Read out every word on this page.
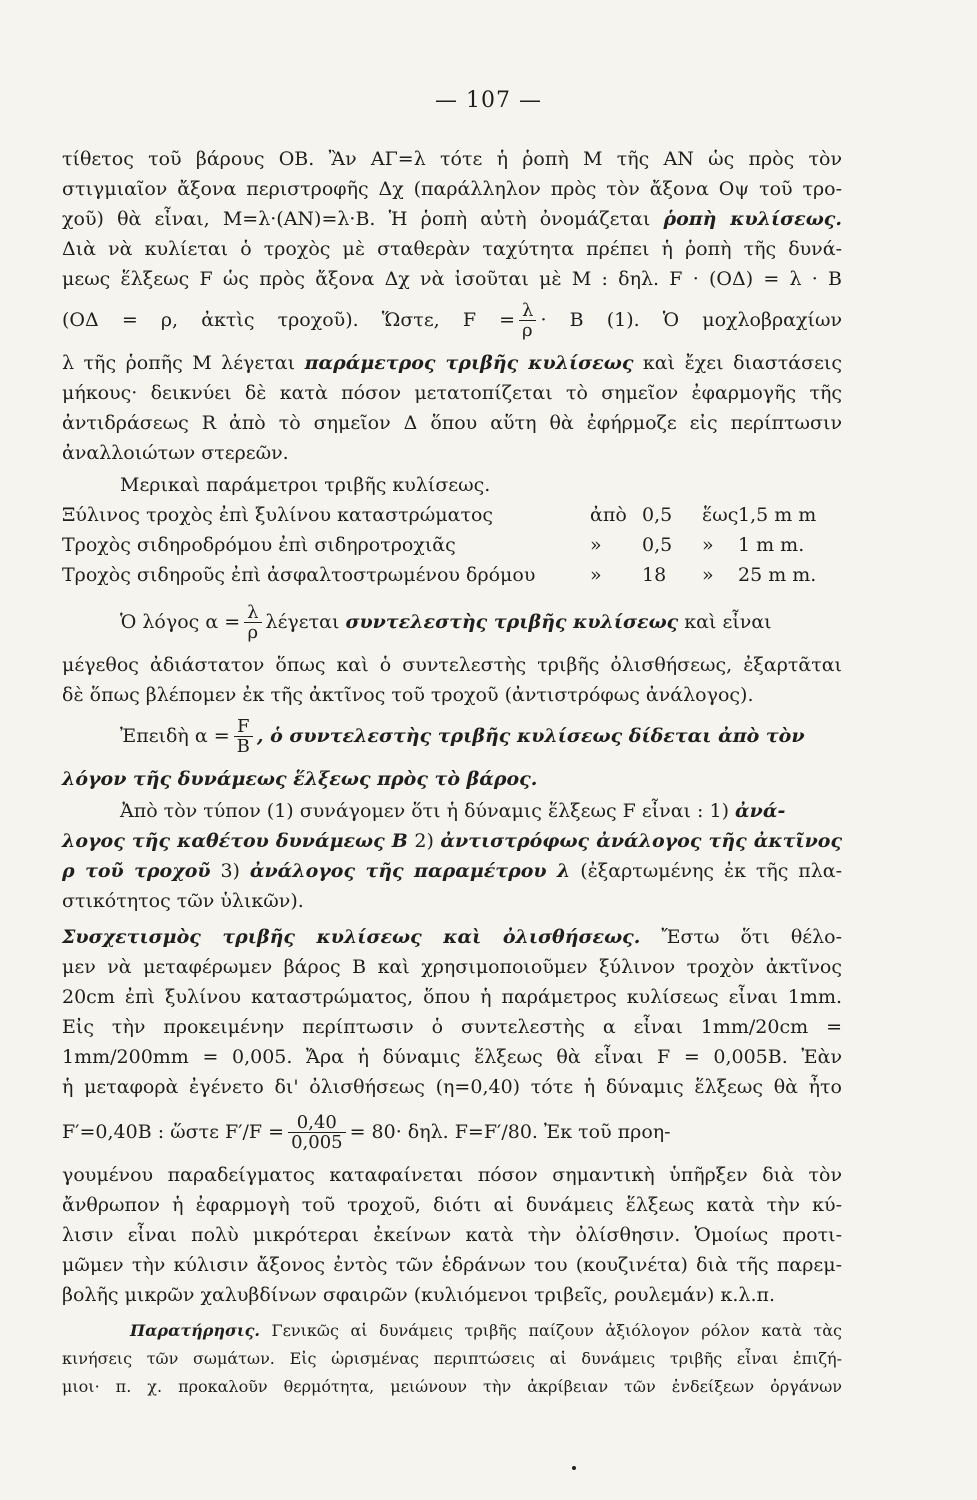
— 107 —
τίθετος τοῦ βάρους ΟΒ. Ἂν ΑΓ=λ τότε ἡ ῥοπὴ Μ τῆς ΑΝ ὡς πρὸς τὸν
στιγμιαῖον ἄξονα περιστροφῆς Δχ (παράλληλον πρὸς τὸν ἄξονα Οψ τοῦ τρο-
χοῦ) θὰ εἶναι, Μ=λ·(ΑΝ)=λ·Β. Ἡ ῥοπὴ αὐτὴ ὀνομάζεται ῥοπὴ κυλίσεως.
Διὰ νὰ κυλίεται ὁ τροχὸς μὲ σταθερὰν ταχύτητα πρέπει ἡ ῥοπὴ τῆς δυνά-
μεως ἕλξεως F ὡς πρὸς ἄξονα Δχ νὰ ἰσοῦται μὲ Μ : δηλ. F · (ΟΔ) = λ · Β
(ΟΔ = ρ, ἀκτὶς τροχοῦ). Ὥστε, $F = \frac{\lambda}{\rho} \cdot B$ (1). Ὁ μοχλοβραχίων
λ τῆς ῥοπῆς Μ λέγεται παράμετρος τριβῆς κυλίσεως καὶ ἔχει διαστάσεις
μήκους· δεικνύει δὲ κατὰ πόσον μετατοπίζεται τὸ σημεῖον ἐφαρμογῆς τῆς
ἀντιδράσεως R ἀπὸ τὸ σημεῖον Δ ὅπου αὕτη θὰ ἐφήρμοζε εἰς περίπτωσιν
ἀναλλοιώτων στερεῶν.
Μερικαὶ παράμετροι τριβῆς κυλίσεως.
Ξύλινος τροχὸς ἐπὶ ξυλίνου καταστρώματος	ἀπὸ 0,5 ἕως 1,5 m m
Τροχὸς σιδηροδρόμου ἐπὶ σιδηροτροχιᾶς	» 0,5 » 1 m m.
Τροχὸς σιδηροῦς ἐπὶ ἀσφαλτοστρωμένου δρόμου	» 18 » 25 m m.
Ὁ λόγος $\alpha = \frac{\lambda}{\rho}$ λέγεται συντελεστὴς τριβῆς κυλίσεως καὶ εἶναι
μέγεθος ἀδιάστατον ὅπως καὶ ὁ συντελεστὴς τριβῆς ὀλισθήσεως, ἐξαρτᾶται
δὲ ὅπως βλέπομεν ἐκ τῆς ἀκτῖνος τοῦ τροχοῦ (ἀντιστρόφως ἀνάλογος).
Ἐπειδὴ $\alpha = \frac{F}{B}$ , ὁ συντελεστὴς τριβῆς κυλίσεως δίδεται ἀπὸ τὸν
λόγον τῆς δυνάμεως ἕλξεως πρὸς τὸ βάρος.
Ἀπὸ τὸν τύπον (1) συνάγομεν ὅτι ἡ δύναμις ἕλξεως F εἶναι : 1) ἀνά-
λογος τῆς καθέτου δυνάμεως Β 2) ἀντιστρόφως ἀνάλογος τῆς ἀκτῖνος
ρ τοῦ τροχοῦ 3) ἀνάλογος τῆς παραμέτρου λ (ἐξαρτωμένης ἐκ τῆς πλα-
στικότητος τῶν ὑλικῶν).
Συσχετισμὸς τριβῆς κυλίσεως καὶ ὀλισθήσεως. Ἔστω ὅτι θέλο-
μεν νὰ μεταφέρωμεν βάρος Β καὶ χρησιμοποιοῦμεν ξύλινον τροχὸν ἀκτῖνος
20cm ἐπὶ ξυλίνου καταστρώματος, ὅπου ἡ παράμετρος κυλίσεως εἶναι 1mm.
Εἰς τὴν προκειμένην περίπτωσιν ὁ συντελεστὴς α εἶναι 1mm/20cm =
1mm/200mm = 0,005. Ἄρα ἡ δύναμις ἕλξεως θὰ εἶναι F = 0,005Β. Ἐὰν
ἡ μεταφορὰ ἐγένετο δι' ὀλισθήσεως (η=0,40) τότε ἡ δύναμις ἕλξεως θὰ ἦτο
F′=0,40Β : ὥστε $F'/F = \frac{0,40}{0,005} = 80\cdot \delta\eta\lambda$. F=F′/80. Ἐκ τοῦ προη-
γουμένου παραδείγματος καταφαίνεται πόσον σημαντικὴ ὑπῆρξεν διὰ τὸν
ἄνθρωπον ἡ ἐφαρμογὴ τοῦ τροχοῦ, διότι αἱ δυνάμεις ἕλξεως κατὰ τὴν κύ-
λισιν εἶναι πολὺ μικρότεραι ἐκείνων κατὰ τὴν ὀλίσθησιν. Ὁμοίως προτι-
μῶμεν τὴν κύλισιν ἄξονος ἐντὸς τῶν ἑδράνων του (κουζινέτα) διὰ τῆς παρεμ-
βολῆς μικρῶν χαλυβδίνων σφαιρῶν (κυλιόμενοι τριβεῖς, ρουλεμάν) κ.λ.π.
Παρατήρησις. Γενικῶς αἱ δυνάμεις τριβῆς παίζουν ἀξιόλογον ρόλον κατὰ τὰς
κινήσεις τῶν σωμάτων. Εἰς ὡρισμένας περιπτώσεις αἱ δυνάμεις τριβῆς εἶναι ἐπιζή-
μιοι· π. χ. προκαλοῦν θερμότητα, μειώνουν τὴν ἀκρίβειαν τῶν ἐνδείξεων ὀργάνων
